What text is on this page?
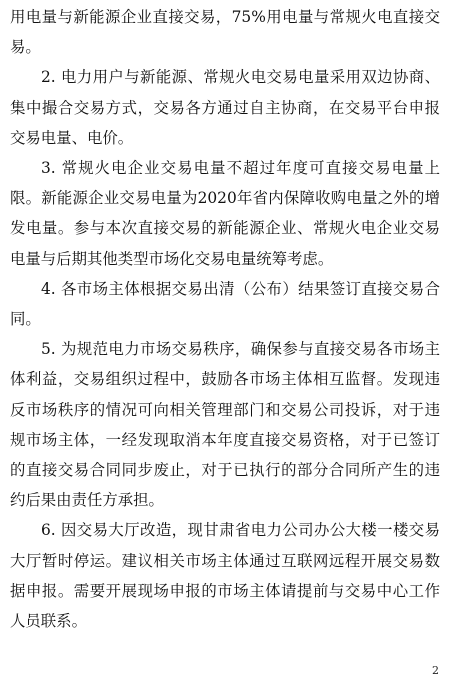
用电量与新能源企业直接交易，75%用电量与常规火电直接交易。

2. 电力用户与新能源、常规火电交易电量采用双边协商、集中撮合交易方式，交易各方通过自主协商，在交易平台申报交易电量、电价。

3. 常规火电企业交易电量不超过年度可直接交易电量上限。新能源企业交易电量为2020年省内保障收购电量之外的增发电量。参与本次直接交易的新能源企业、常规火电企业交易电量与后期其他类型市场化交易电量统筹考虑。

4. 各市场主体根据交易出清（公布）结果签订直接交易合同。

5. 为规范电力市场交易秩序，确保参与直接交易各市场主体利益，交易组织过程中，鼓励各市场主体相互监督。发现违反市场秩序的情况可向相关管理部门和交易公司投诉，对于违规市场主体，一经发现取消本年度直接交易资格，对于已签订的直接交易合同同步废止，对于已执行的部分合同所产生的违约后果由责任方承担。

6. 因交易大厅改造，现甘肃省电力公司办公大楼一楼交易大厅暂时停运。建议相关市场主体通过互联网远程开展交易数据申报。需要开展现场申报的市场主体请提前与交易中心工作人员联系。

2
